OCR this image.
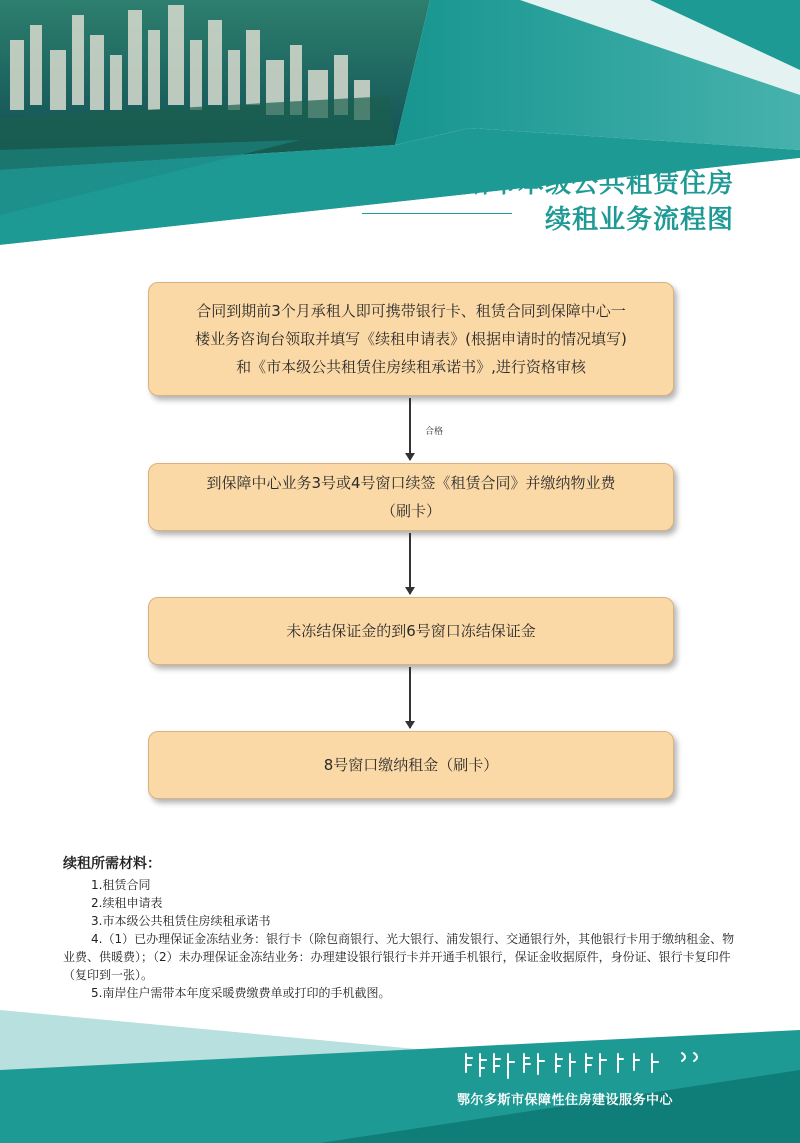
鄂尔多斯市本级公共租赁住房
续租业务流程图
合同到期前3个月承租人即可携带银行卡、租赁合同到保障中心一
楼业务咨询台领取并填写《续租申请表》(根据申请时的情况填写)
和《市本级公共租赁住房续租承诺书》,进行资格审核
合格
到保障中心业务3号或4号窗口续签《租赁合同》并缴纳物业费
（刷卡）
未冻结保证金的到6号窗口冻结保证金
8号窗口缴纳租金（刷卡）
续租所需材料：
1.租赁合同
2.续租申请表
3.市本级公共租赁住房续租承诺书
4.（1）已办理保证金冻结业务：银行卡（除包商银行、光大银行、浦发银行、交通银行外，其他银行卡用于缴纳租金、物业费、供暖费）；（2）未办理保证金冻结业务：办理建设银行银行卡并开通手机银行，保证金收据原件，身份证、银行卡复印件（复印到一张）。
5.南岸住户需带本年度采暖费缴费单或打印的手机截图。
鄂尔多斯市保障性住房建设服务中心
